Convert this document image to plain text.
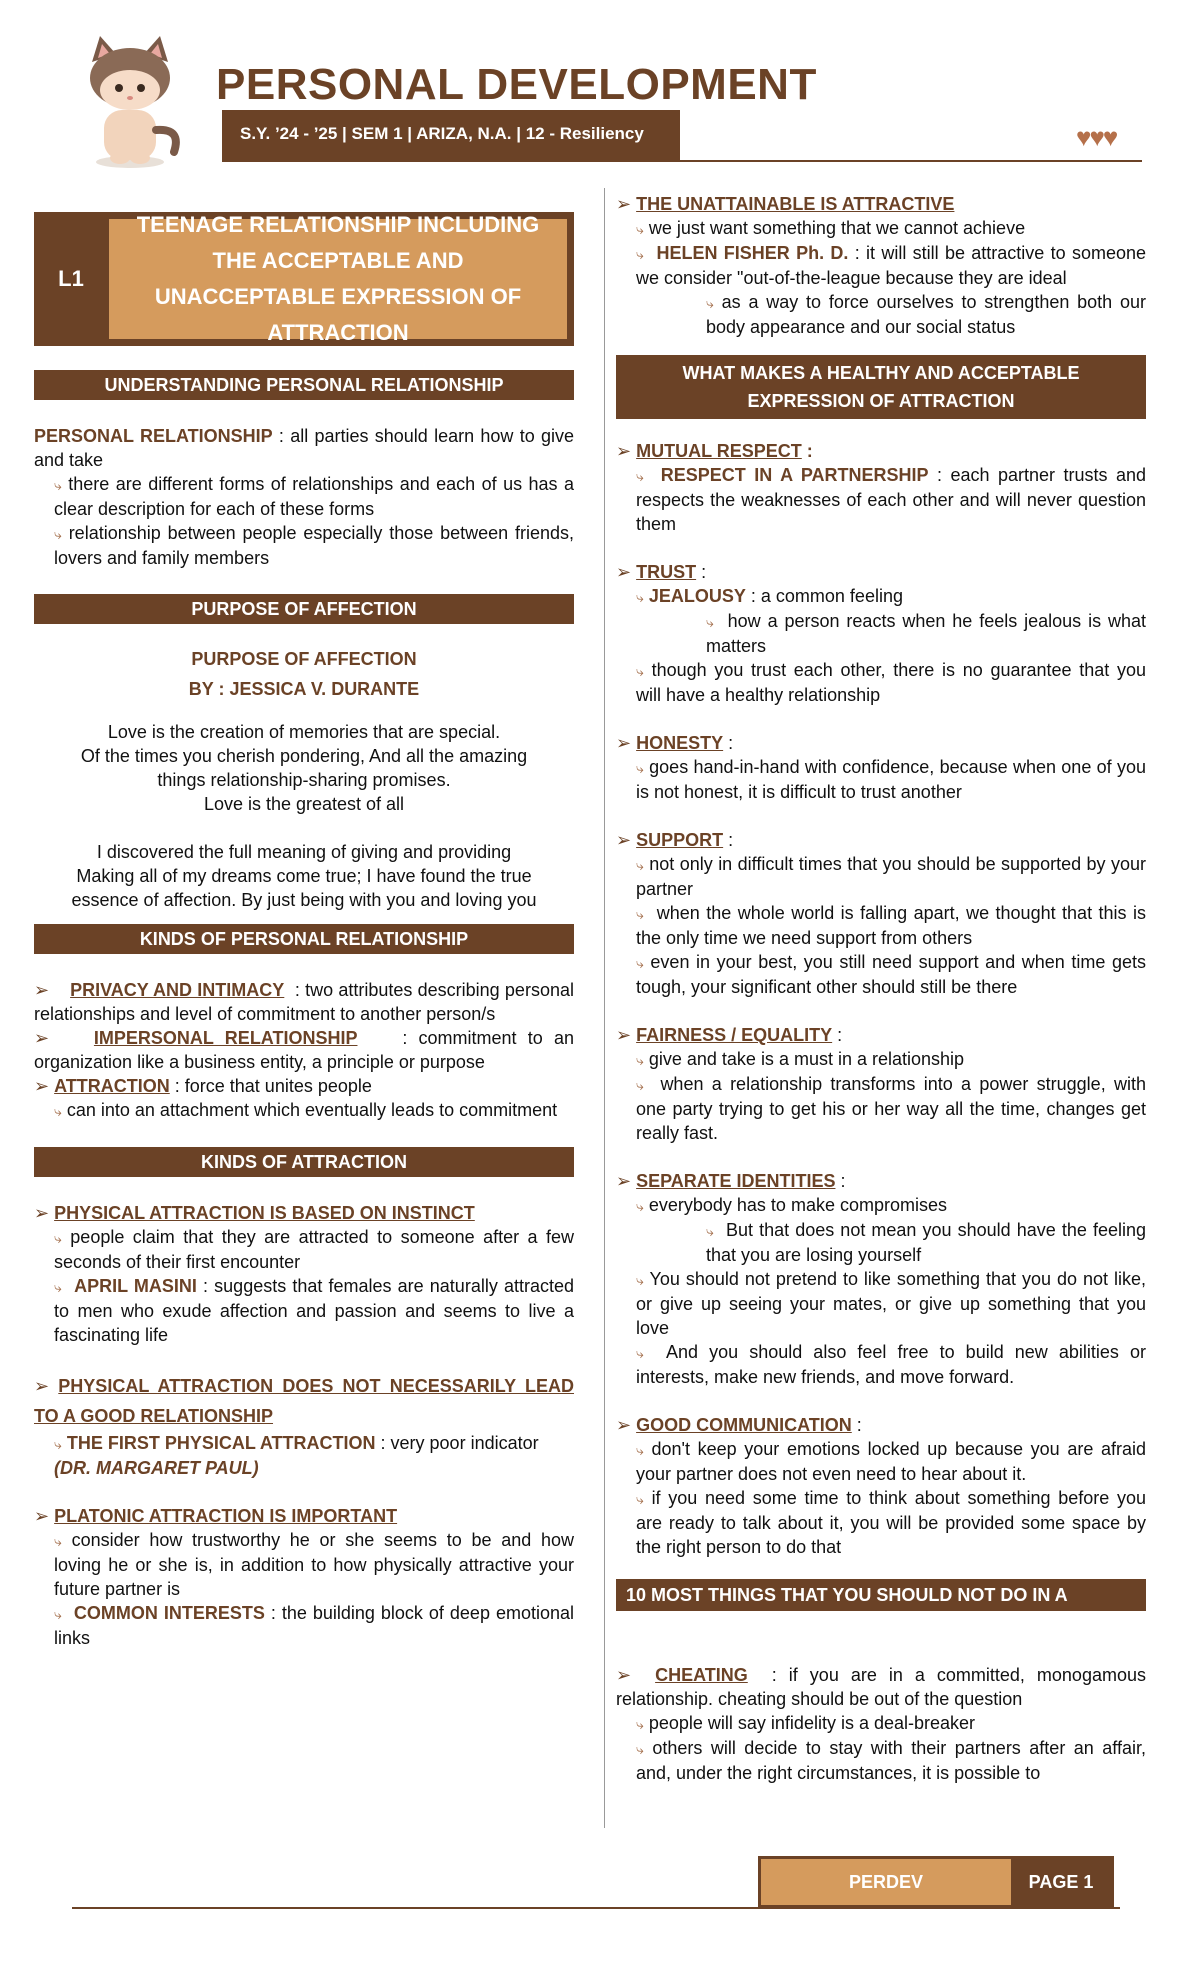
PERSONAL DEVELOPMENT
S.Y. ’24 - ’25 | SEM 1 | ARIZA, N.A. | 12 - Resiliency	♥♥♥
L1
TEENAGE RELATIONSHIP INCLUDING THE ACCEPTABLE AND UNACCEPTABLE EXPRESSION OF ATTRACTION
UNDERSTANDING PERSONAL RELATIONSHIP

PERSONAL RELATIONSHIP : all parties should learn how to give and take

⤷ there are different forms of relationships and each of us has a clear description for each of these forms

⤷ relationship between people especially those between friends, lovers and family members

PURPOSE OF AFFECTION

PURPOSE OF AFFECTION

BY : JESSICA V. DURANTE

Love is the creation of memories that are special.

Of the times you cherish pondering, And all the amazing

things relationship-sharing promises.

Love is the greatest of all

I discovered the full meaning of giving and providing

Making all of my dreams come true; I have found the true

essence of affection. By just being with you and loving you

KINDS OF PERSONAL RELATIONSHIP

➢ PRIVACY AND INTIMACY : two attributes describing personal relationships and level of commitment to another person/s

➢ IMPERSONAL RELATIONSHIP : commitment to an organization like a business entity, a principle or purpose

➢ ATTRACTION : force that unites people

⤷ can into an attachment which eventually leads to commitment

KINDS OF ATTRACTION

➢ PHYSICAL ATTRACTION IS BASED ON INSTINCT

⤷ people claim that they are attracted to someone after a few seconds of their first encounter

⤷ APRIL MASINI : suggests that females are naturally attracted to men who exude affection and passion and seems to live a fascinating life

➢ PHYSICAL ATTRACTION DOES NOT NECESSARILY LEAD TO A GOOD RELATIONSHIP

⤷ THE FIRST PHYSICAL ATTRACTION : very poor indicator (DR. MARGARET PAUL)

➢ PLATONIC ATTRACTION IS IMPORTANT

⤷ consider how trustworthy he or she seems to be and how loving he or she is, in addition to how physically attractive your future partner is

⤷ COMMON INTERESTS : the building block of deep emotional links

➢ THE UNATTAINABLE IS ATTRACTIVE

⤷ we just want something that we cannot achieve

⤷ HELEN FISHER Ph. D. : it will still be attractive to someone we consider "out-of-the-league because they are ideal

⤷ as a way to force ourselves to strengthen both our body appearance and our social status

WHAT MAKES A HEALTHY AND ACCEPTABLE EXPRESSION OF ATTRACTION

➢ MUTUAL RESPECT :

⤷ RESPECT IN A PARTNERSHIP : each partner trusts and respects the weaknesses of each other and will never question them

➢ TRUST :

⤷ JEALOUSY : a common feeling

⤷ how a person reacts when he feels jealous is what matters

⤷ though you trust each other, there is no guarantee that you will have a healthy relationship

➢ HONESTY :

⤷ goes hand-in-hand with confidence, because when one of you is not honest, it is difficult to trust another

➢ SUPPORT :

⤷ not only in difficult times that you should be supported by your partner

⤷ when the whole world is falling apart, we thought that this is the only time we need support from others

⤷ even in your best, you still need support and when time gets tough, your significant other should still be there

➢ FAIRNESS / EQUALITY :

⤷ give and take is a must in a relationship

⤷ when a relationship transforms into a power struggle, with one party trying to get his or her way all the time, changes get really fast.

➢ SEPARATE IDENTITIES :

⤷ everybody has to make compromises

⤷ But that does not mean you should have the feeling that you are losing yourself

⤷ You should not pretend to like something that you do not like, or give up seeing your mates, or give up something that you love

⤷ And you should also feel free to build new abilities or interests, make new friends, and move forward.

➢ GOOD COMMUNICATION :

⤷ don't keep your emotions locked up because you are afraid your partner does not even need to hear about it.

⤷ if you need some time to think about something before you are ready to talk about it, you will be provided some space by the right person to do that

10 MOST THINGS THAT YOU SHOULD NOT DO IN A RELATIONSHIP

➢ CHEATING : if you are in a committed, monogamous relationship. cheating should be out of the question

⤷ people will say infidelity is a deal-breaker

⤷ others will decide to stay with their partners after an affair, and, under the right circumstances, it is possible to

PERDEV	PAGE 1
